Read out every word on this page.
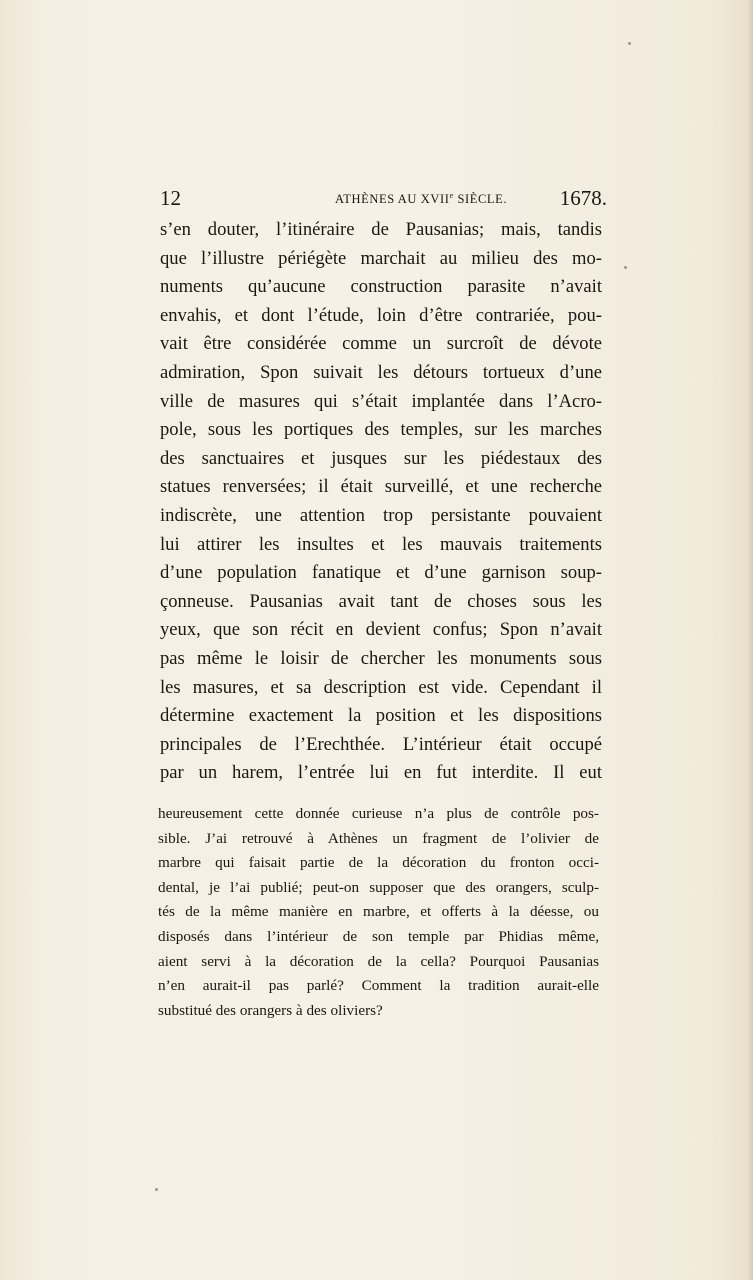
12	ATHÈNES AU XVIIe SIÈCLE.	1678.
s’en douter, l’itinéraire de Pausanias; mais, tandis
que l’illustre périégète marchait au milieu des mo-
numents qu’aucune construction parasite n’avait
envahis, et dont l’étude, loin d’être contrariée, pou-
vait être considérée comme un surcroît de dévote
admiration, Spon suivait les détours tortueux d’une
ville de masures qui s’était implantée dans l’Acro-
pole, sous les portiques des temples, sur les marches
des sanctuaires et jusques sur les piédestaux des
statues renversées; il était surveillé, et une recherche
indiscrète, une attention trop persistante pouvaient
lui attirer les insultes et les mauvais traitements
d’une population fanatique et d’une garnison soup-
çonneuse. Pausanias avait tant de choses sous les
yeux, que son récit en devient confus; Spon n’avait
pas même le loisir de chercher les monuments sous
les masures, et sa description est vide. Cependant il
détermine exactement la position et les dispositions
principales de l’Erechthée. L’intérieur était occupé
par un harem, l’entrée lui en fut interdite. Il eut
heureusement cette donnée curieuse n’a plus de contrôle pos-
sible. J’ai retrouvé à Athènes un fragment de l’olivier de
marbre qui faisait partie de la décoration du fronton occi-
dental, je l’ai publié; peut-on supposer que des orangers, sculp-
tés de la même manière en marbre, et offerts à la déesse, ou
disposés dans l’intérieur de son temple par Phidias même,
aient servi à la décoration de la cella? Pourquoi Pausanias
n’en aurait-il pas parlé? Comment la tradition aurait-elle
substitué des orangers à des oliviers?
